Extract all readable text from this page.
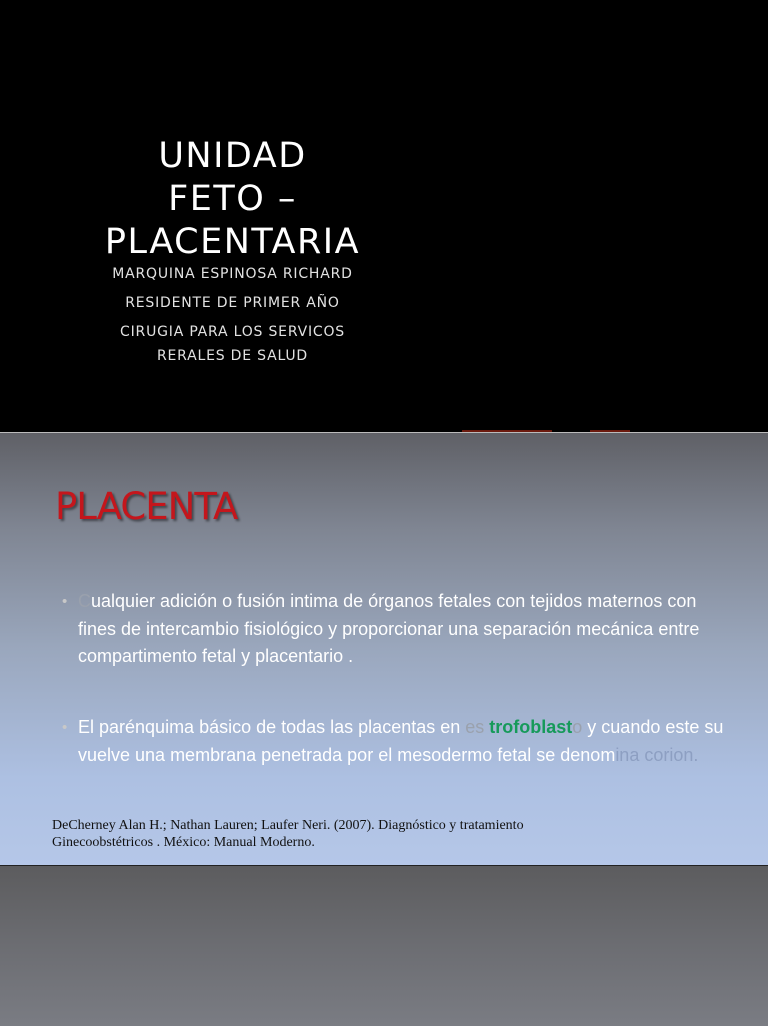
UNIDAD
FETO –
PLACENTARIA
MARQUINA ESPINOSA RICHARD
RESIDENTE DE PRIMER AÑO
CIRUGIA PARA LOS SERVICOS
RERALES DE SALUD
PLACENTA
• Cualquier adición o fusión intima de órganos fetales con tejidos maternos con fines de intercambio fisiológico y proporcionar una separación mecánica entre compartimento fetal y placentario .
• El parénquima básico de todas las placentas en es trofoblasto y cuando este su vuelve una membrana penetrada por el mesodermo fetal se denomina corion.
DeCherney Alan H.; Nathan Lauren; Laufer Neri. (2007). Diagnóstico y tratamiento
Ginecoobstétricos . México: Manual Moderno.
